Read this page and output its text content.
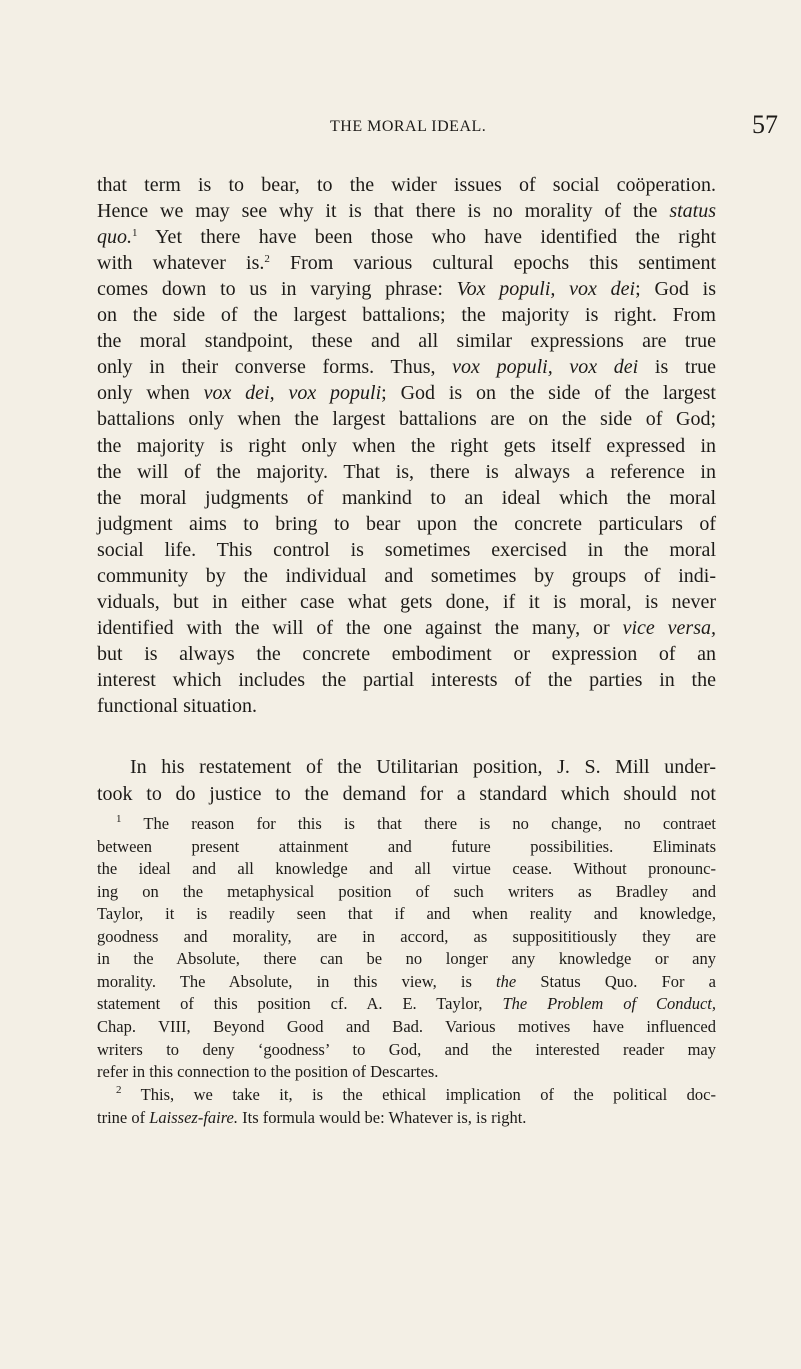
THE MORAL IDEAL.	57
that term is to bear, to the wider issues of social coöperation.
Hence we may see why it is that there is no morality of the status
quo.$^1$ Yet there have been those who have identified the right
with whatever is.$^2$ From various cultural epochs this sentiment
comes down to us in varying phrase: Vox populi, vox dei; God is
on the side of the largest battalions; the majority is right. From
the moral standpoint, these and all similar expressions are true
only in their converse forms. Thus, vox populi, vox dei is true
only when vox dei, vox populi; God is on the side of the largest
battalions only when the largest battalions are on the side of God;
the majority is right only when the right gets itself expressed in
the will of the majority. That is, there is always a reference in
the moral judgments of mankind to an ideal which the moral
judgment aims to bring to bear upon the concrete particulars of
social life. This control is sometimes exercised in the moral
community by the individual and sometimes by groups of indi-
viduals, but in either case what gets done, if it is moral, is never
identified with the will of the one against the many, or vice versa,
but is always the concrete embodiment or expression of an
interest which includes the partial interests of the parties in the
functional situation.
In his restatement of the Utilitarian position, J. S. Mill under-
took to do justice to the demand for a standard which should not
$^1$ The reason for this is that there is no change, no contraet
between present attainment and future possibilities. Eliminats
the ideal and all knowledge and all virtue cease. Without pronounc-
ing on the metaphysical position of such writers as Bradley and
Taylor, it is readily seen that if and when reality and knowledge,
goodness and morality, are in accord, as supposititiously they are
in the Absolute, there can be no longer any knowledge or any
morality. The Absolute, in this view, is the Status Quo. For a
statement of this position cf. A. E. Taylor, The Problem of Conduct,
Chap. VIII, Beyond Good and Bad. Various motives have influenced
writers to deny ‘goodness’ to God, and the interested reader may
refer in this connection to the position of Descartes.
$^2$ This, we take it, is the ethical implication of the political doc-
trine of Laissez-faire. Its formula would be: Whatever is, is right.
